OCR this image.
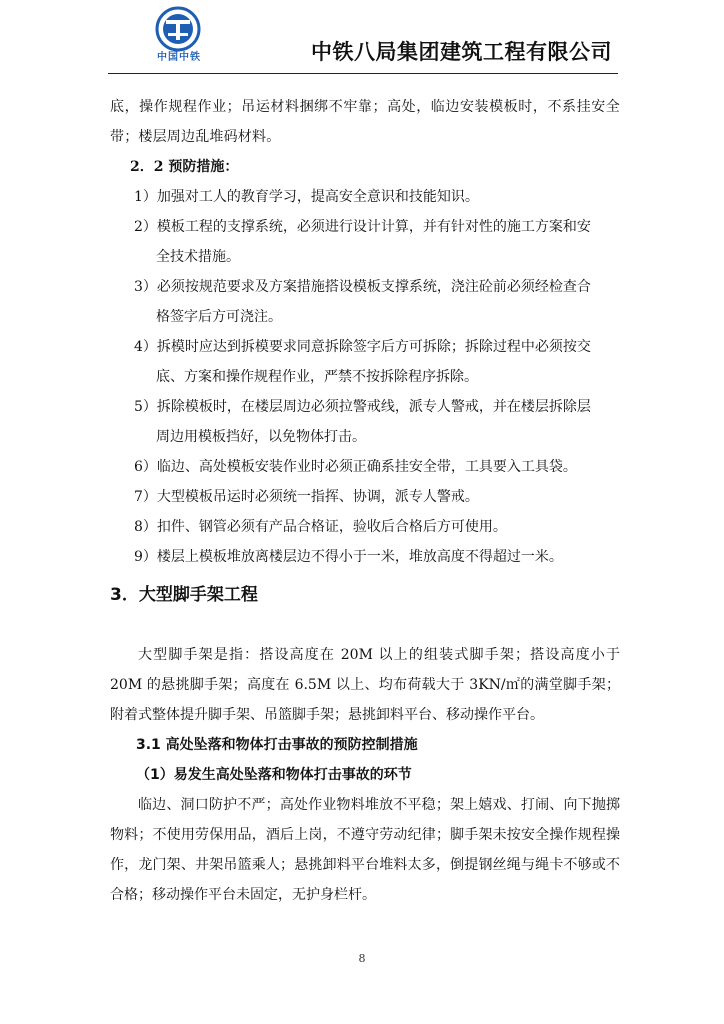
中国中铁	中铁八局集团建筑工程有限公司

底，操作规程作业；吊运材料捆绑不牢靠；高处，临边安装模板时，不系挂安全带；楼层周边乱堆码材料。

2．2 预防措施：

1）加强对工人的教育学习，提高安全意识和技能知识。

2）模板工程的支撑系统，必须进行设计计算，并有针对性的施工方案和安

全技术措施。

3）必须按规范要求及方案措施搭设模板支撑系统，浇注砼前必须经检查合

格签字后方可浇注。

4）拆模时应达到拆模要求同意拆除签字后方可拆除；拆除过程中必须按交

底、方案和操作规程作业，严禁不按拆除程序拆除。

5）拆除模板时，在楼层周边必须拉警戒线，派专人警戒，并在楼层拆除层

周边用模板挡好，以免物体打击。

6）临边、高处模板安装作业时必须正确系挂安全带，工具要入工具袋。

7）大型模板吊运时必须统一指挥、协调，派专人警戒。

8）扣件、钢管必须有产品合格证，验收后合格后方可使用。

9）楼层上模板堆放离楼层边不得小于一米，堆放高度不得超过一米。

3．大型脚手架工程

大型脚手架是指：搭设高度在 20M 以上的组装式脚手架；搭设高度小于 20M 的悬挑脚手架；高度在 6.5M 以上、均布荷载大于 3KN/㎡的满堂脚手架；附着式整体提升脚手架、吊篮脚手架；悬挑卸料平台、移动操作平台。

3.1 高处坠落和物体打击事故的预防控制措施

（1）易发生高处坠落和物体打击事故的环节

临边、洞口防护不严；高处作业物料堆放不平稳；架上嬉戏、打闹、向下抛掷物料；不使用劳保用品，酒后上岗，不遵守劳动纪律；脚手架未按安全操作规程操作，龙门架、井架吊篮乘人；悬挑卸料平台堆料太多，倒提钢丝绳与绳卡不够或不合格；移动操作平台未固定，无护身栏杆。

8
